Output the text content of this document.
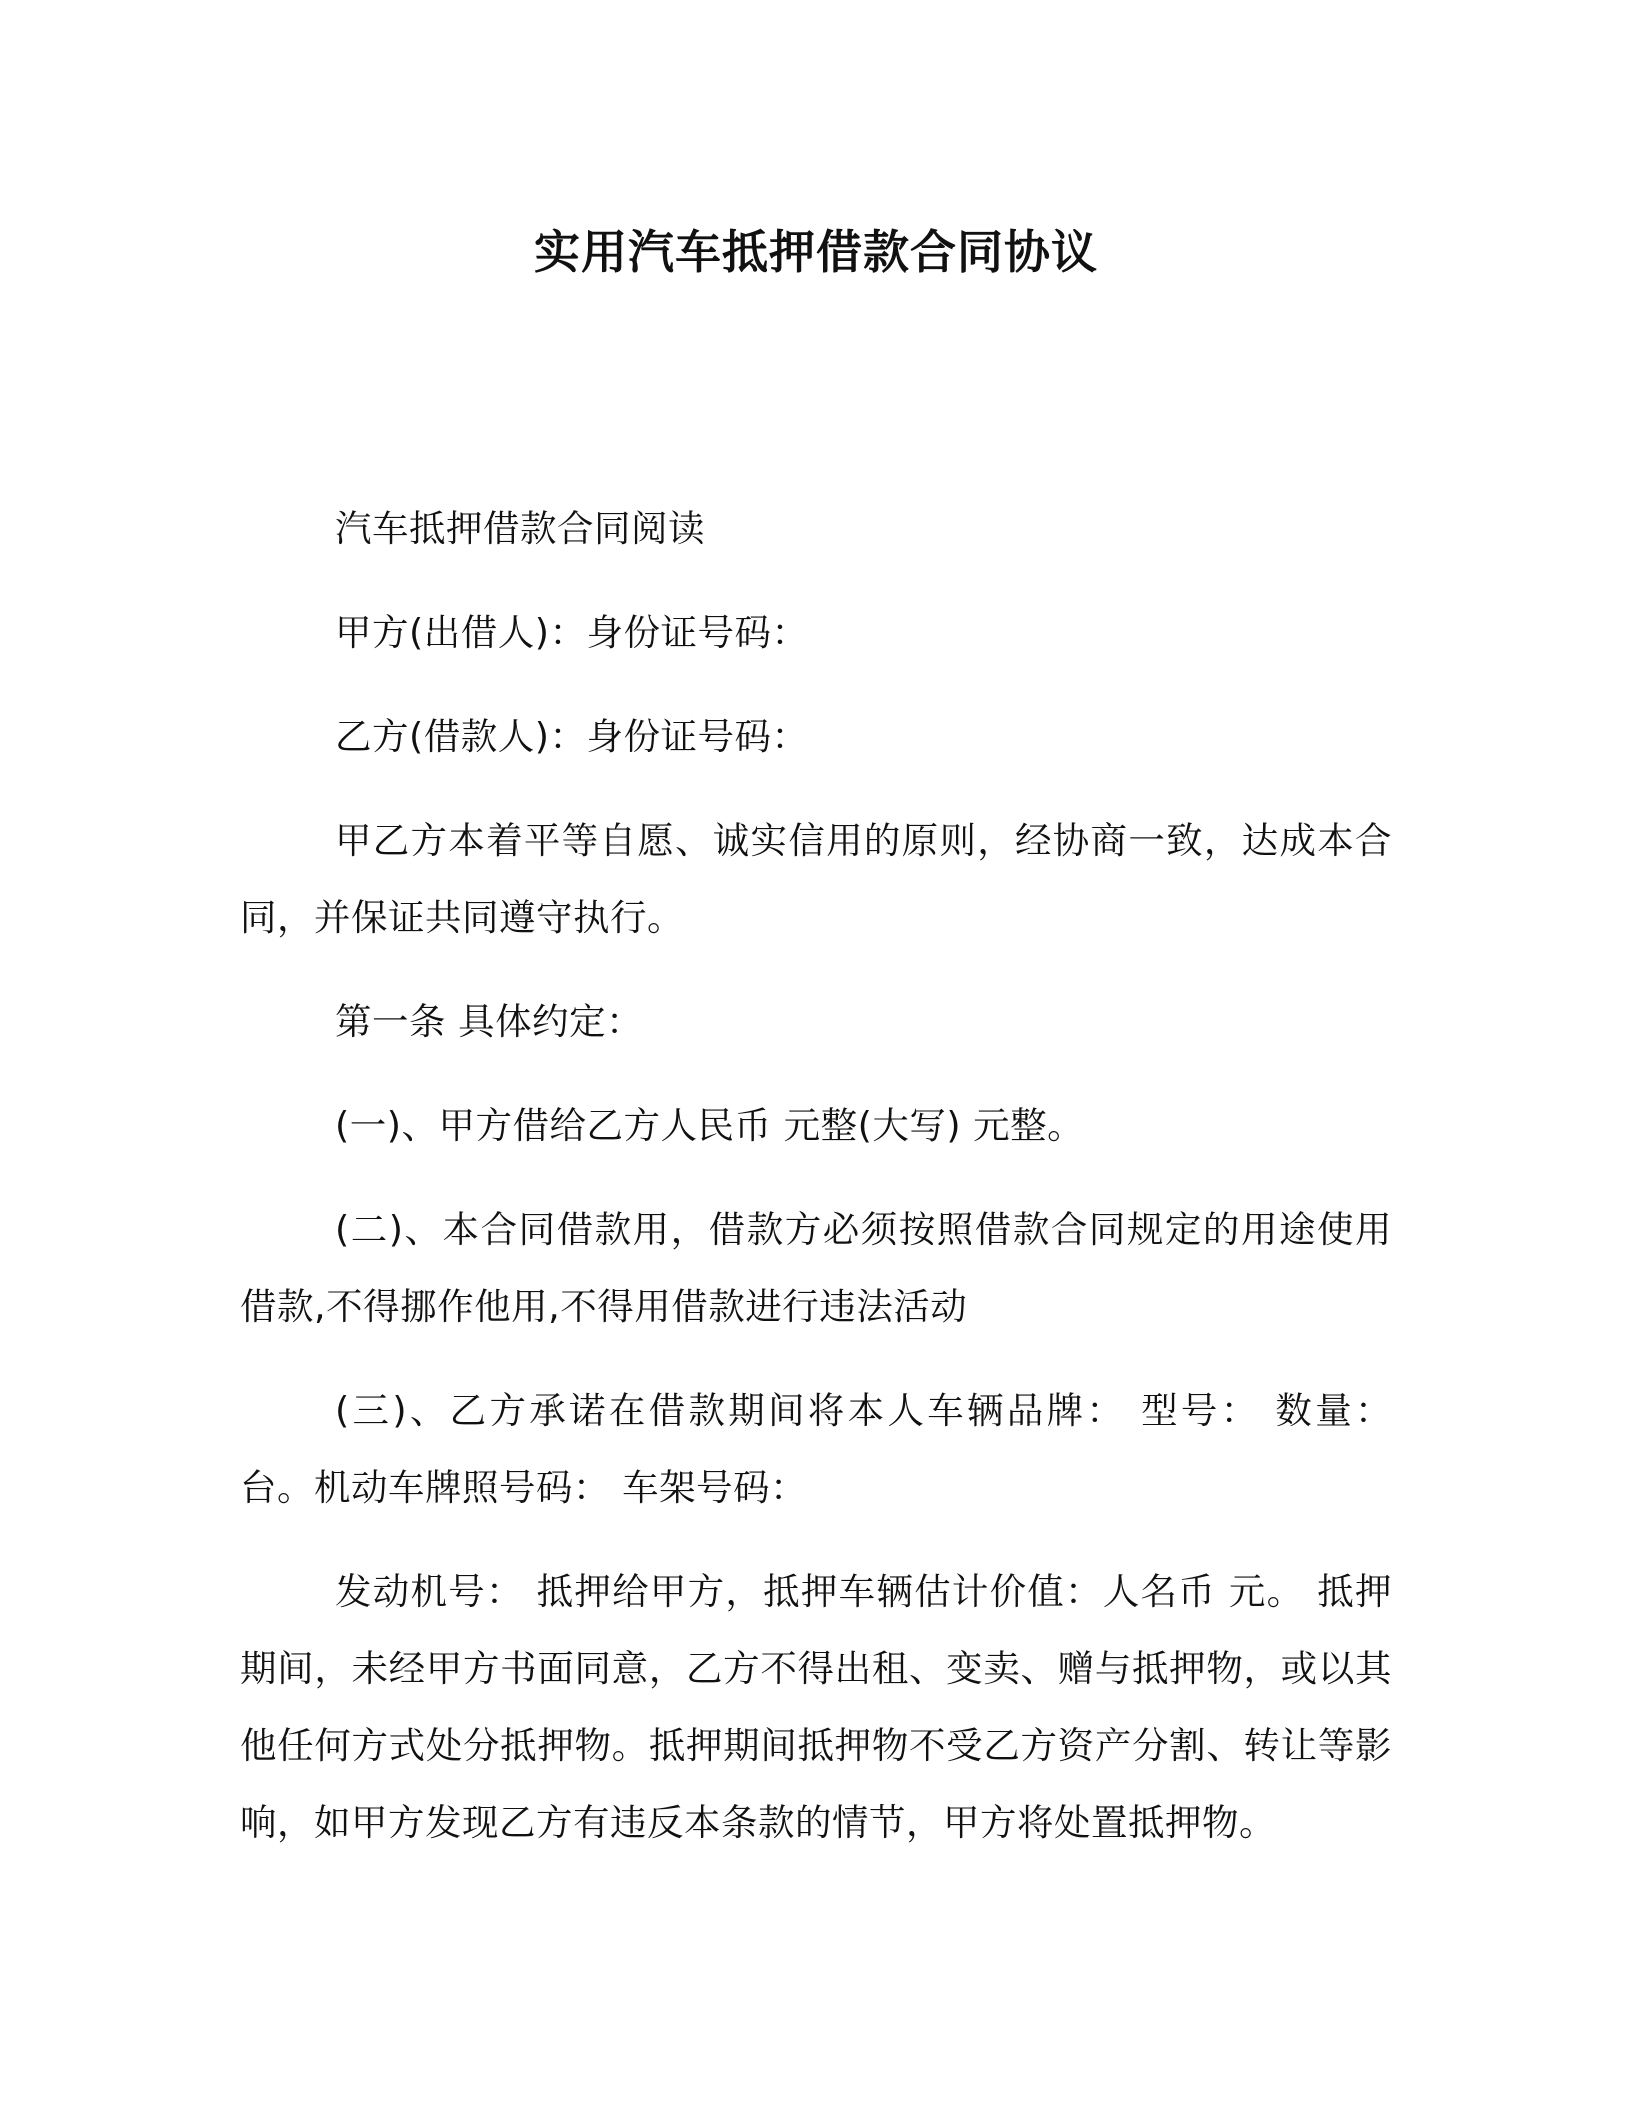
实用汽车抵押借款合同协议

汽车抵押借款合同阅读

甲方(出借人)：身份证号码：

乙方(借款人)：身份证号码：

甲乙方本着平等自愿、诚实信用的原则，经协商一致，达成本合同，并保证共同遵守执行。

第一条 具体约定：

(一)、甲方借给乙方人民币 元整(大写) 元整。

(二)、本合同借款用，借款方必须按照借款合同规定的用途使用借款,不得挪作他用,不得用借款进行违法活动

(三)、乙方承诺在借款期间将本人车辆品牌： 型号： 数量： 台。机动车牌照号码： 车架号码：

发动机号： 抵押给甲方，抵押车辆估计价值：人名币 元。 抵押期间，未经甲方书面同意，乙方不得出租、变卖、赠与抵押物，或以其他任何方式处分抵押物。抵押期间抵押物不受乙方资产分割、转让等影响，如甲方发现乙方有违反本条款的情节，甲方将处置抵押物。
